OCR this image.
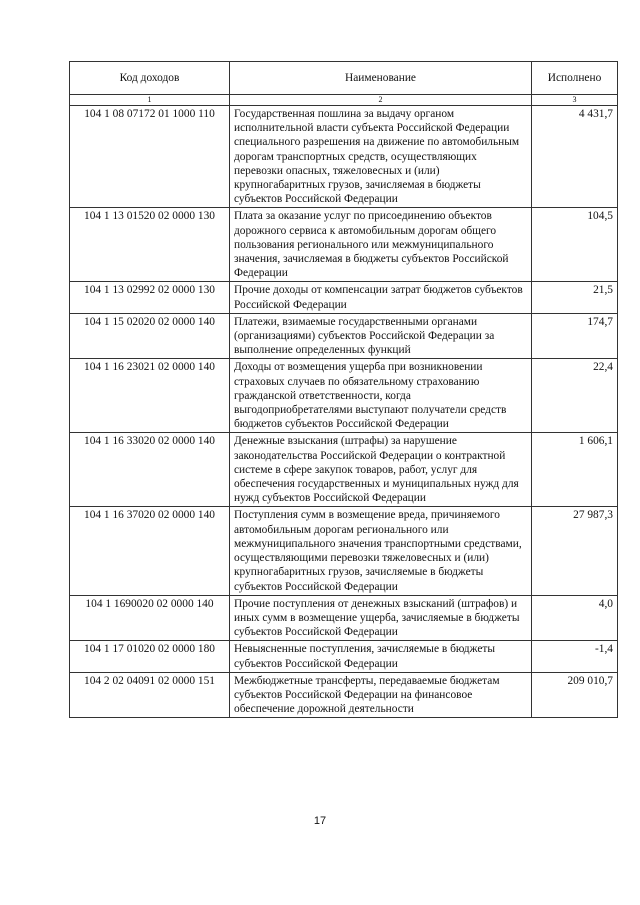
Код доходов	Наименование	Исполнено
1	2	3
104 1 08 07172 01 1000 110	Государственная пошлина за выдачу органом исполнительной власти субъекта Российской Федерации специального разрешения на движение по автомобильным дорогам транспортных средств, осуществляющих перевозки опасных, тяжеловесных и (или) крупногабаритных грузов, зачисляемая в бюджеты субъектов Российской Федерации	4 431,7
104 1 13 01520 02 0000 130	Плата за оказание услуг по присоединению объектов дорожного сервиса к автомобильным дорогам общего пользования регионального или межмуниципального значения, зачисляемая в бюджеты субъектов Российской Федерации	104,5
104 1 13 02992 02 0000 130	Прочие доходы от компенсации затрат бюджетов субъектов Российской Федерации	21,5
104 1 15 02020 02 0000 140	Платежи, взимаемые государственными органами (организациями) субъектов Российской Федерации за выполнение определенных функций	174,7
104 1 16 23021 02 0000 140	Доходы от возмещения ущерба при возникновении страховых случаев по обязательному страхованию гражданской ответственности, когда выгодоприобретателями выступают получатели средств бюджетов субъектов Российской Федерации	22,4
104 1 16 33020 02 0000 140	Денежные взыскания (штрафы) за нарушение законодательства Российской Федерации о контрактной системе в сфере закупок товаров, работ, услуг для обеспечения государственных и муниципальных нужд для нужд субъектов Российской Федерации	1 606,1
104 1 16 37020 02 0000 140	Поступления сумм в возмещение вреда, причиняемого автомобильным дорогам регионального или межмуниципального значения транспортными средствами, осуществляющими перевозки тяжеловесных и (или) крупногабаритных грузов, зачисляемые в бюджеты субъектов Российской Федерации	27 987,3
104 1 1690020 02 0000 140	Прочие поступления от денежных взысканий (штрафов) и иных сумм в возмещение ущерба, зачисляемые в бюджеты субъектов Российской Федерации	4,0
104 1 17 01020 02 0000 180	Невыясненные поступления, зачисляемые в бюджеты субъектов Российской Федерации	-1,4
104 2 02 04091 02 0000 151	Межбюджетные трансферты, передаваемые бюджетам субъектов Российской Федерации на финансовое обеспечение дорожной деятельности	209 010,7
17
